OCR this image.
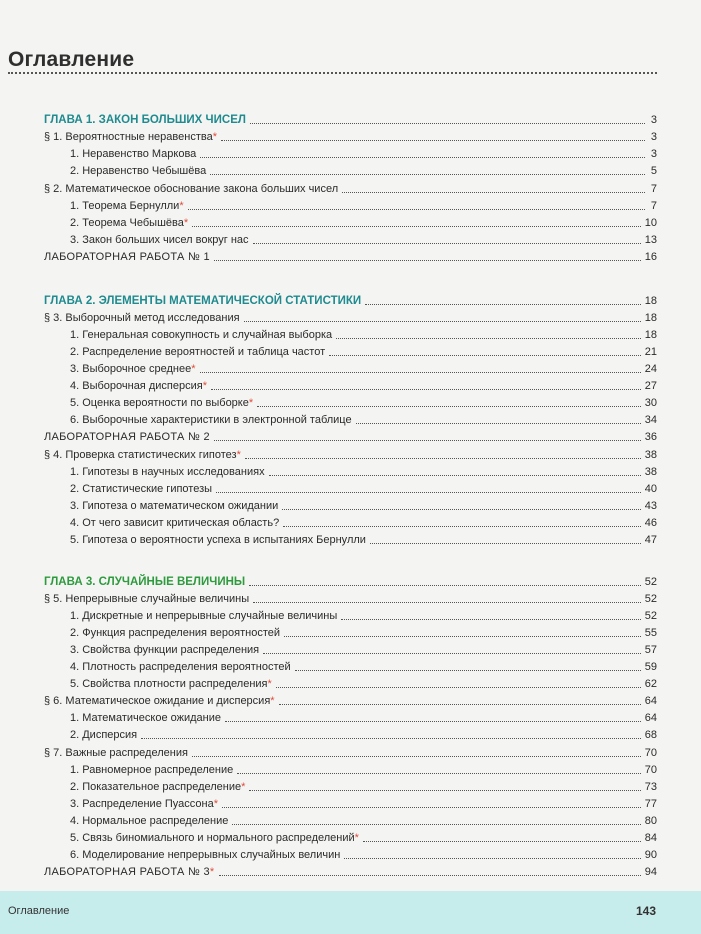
Оглавление
ГЛАВА 1. ЗАКОН БОЛЬШИХ ЧИСЕЛ	3
§ 1. Вероятностные неравенства*	3
1. Неравенство Маркова	3
2. Неравенство Чебышёва	5
§ 2. Математическое обоснование закона больших чисел	7
1. Теорема Бернулли*	7
2. Теорема Чебышёва*	10
3. Закон больших чисел вокруг нас	13
ЛАБОРАТОРНАЯ РАБОТА № 1	16
ГЛАВА 2. ЭЛЕМЕНТЫ МАТЕМАТИЧЕСКОЙ СТАТИСТИКИ	18
§ 3. Выборочный метод исследования	18
1. Генеральная совокупность и случайная выборка	18
2. Распределение вероятностей и таблица частот	21
3. Выборочное среднее*	24
4. Выборочная дисперсия*	27
5. Оценка вероятности по выборке*	30
6. Выборочные характеристики в электронной таблице	34
ЛАБОРАТОРНАЯ РАБОТА № 2	36
§ 4. Проверка статистических гипотез*	38
1. Гипотезы в научных исследованиях	38
2. Статистические гипотезы	40
3. Гипотеза о математическом ожидании	43
4. От чего зависит критическая область?	46
5. Гипотеза о вероятности успеха в испытаниях Бернулли	47
ГЛАВА 3. СЛУЧАЙНЫЕ ВЕЛИЧИНЫ	52
§ 5. Непрерывные случайные величины	52
1. Дискретные и непрерывные случайные величины	52
2. Функция распределения вероятностей	55
3. Свойства функции распределения	57
4. Плотность распределения вероятностей	59
5. Свойства плотности распределения*	62
§ 6. Математическое ожидание и дисперсия*	64
1. Математическое ожидание	64
2. Дисперсия	68
§ 7. Важные распределения	70
1. Равномерное распределение	70
2. Показательное распределение*	73
3. Распределение Пуассона*	77
4. Нормальное распределение	80
5. Связь биномиального и нормального распределений*	84
6. Моделирование непрерывных случайных величин	90
ЛАБОРАТОРНАЯ РАБОТА № 3*	94
Оглавление	143
